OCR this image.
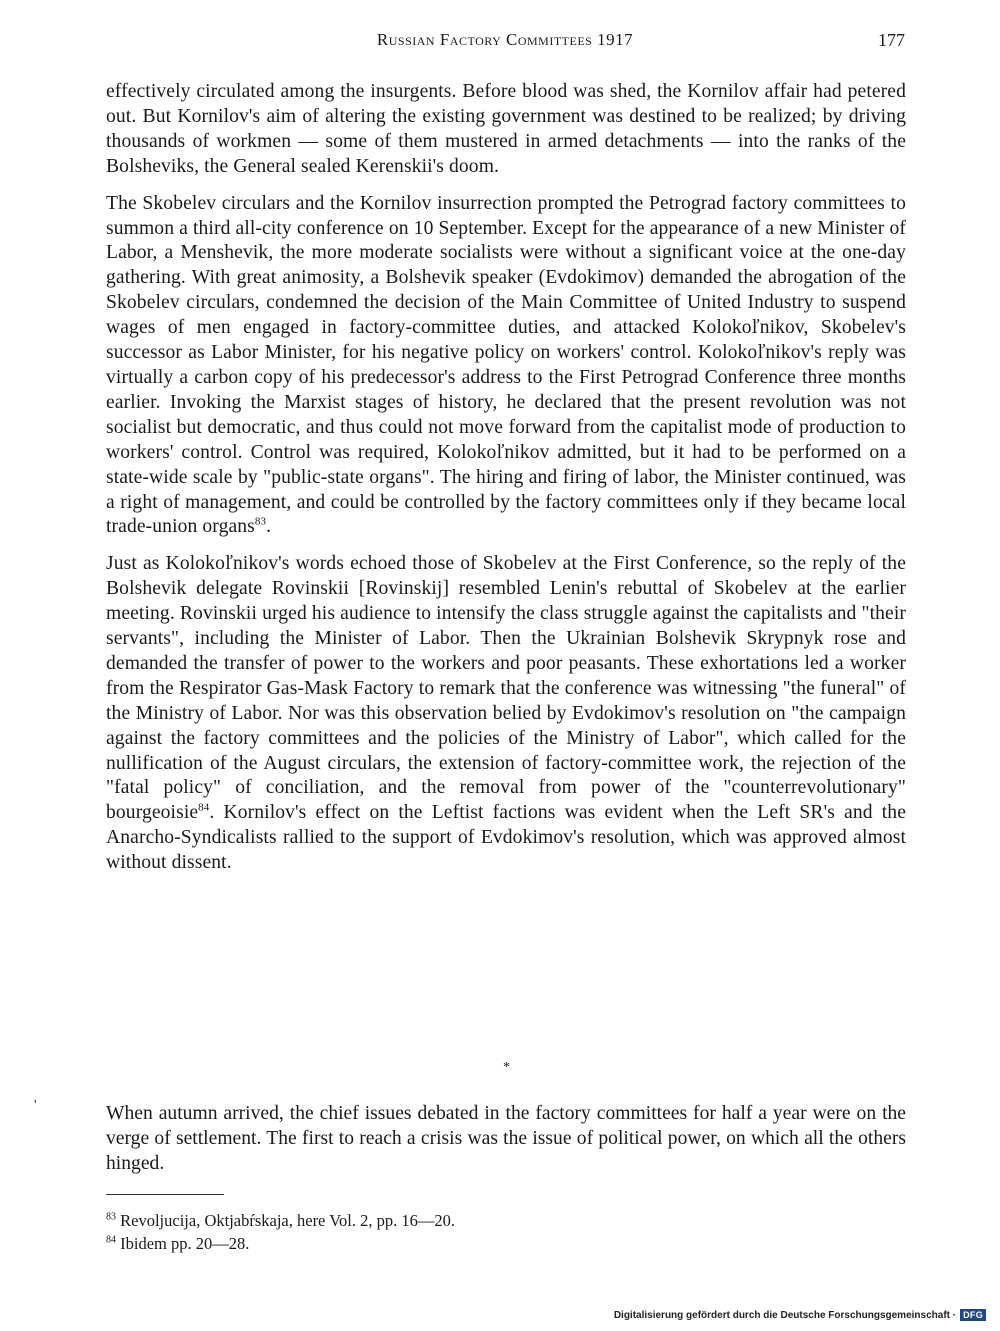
Russian Factory Committees 1917	177

effectively circulated among the insurgents. Before blood was shed, the Kornilov affair had petered out. But Kornilov's aim of altering the existing government was destined to be realized; by driving thousands of workmen — some of them mustered in armed detachments — into the ranks of the Bolsheviks, the General sealed Kerenskii's doom.

The Skobelev circulars and the Kornilov insurrection prompted the Petrograd factory committees to summon a third all-city conference on 10 September. Except for the appearance of a new Minister of Labor, a Menshevik, the more moderate socialists were without a significant voice at the one-day gathering. With great animosity, a Bolshevik speaker (Evdokimov) demanded the abrogation of the Skobelev circulars, condemned the decision of the Main Committee of United Industry to suspend wages of men engaged in factory-committee duties, and attacked Kolokoľnikov, Skobelev's successor as Labor Minister, for his negative policy on workers' control. Kolokoľnikov's reply was virtually a carbon copy of his predecessor's address to the First Petrograd Conference three months earlier. Invoking the Marxist stages of history, he declared that the present revolution was not socialist but democratic, and thus could not move forward from the capitalist mode of production to workers' control. Control was required, Kolokoľnikov admitted, but it had to be performed on a state-wide scale by "public-state organs". The hiring and firing of labor, the Minister continued, was a right of management, and could be controlled by the factory committees only if they became local trade-union organs$^{83}$.

Just as Kolokoľnikov's words echoed those of Skobelev at the First Conference, so the reply of the Bolshevik delegate Rovinskii [Rovinskij] resembled Lenin's rebuttal of Skobelev at the earlier meeting. Rovinskii urged his audience to intensify the class struggle against the capitalists and "their servants", including the Minister of Labor. Then the Ukrainian Bolshevik Skrypnyk rose and demanded the transfer of power to the workers and poor peasants. These exhortations led a worker from the Respirator Gas-Mask Factory to remark that the conference was witnessing "the funeral" of the Ministry of Labor. Nor was this observation belied by Evdokimov's resolution on "the campaign against the factory committees and the policies of the Ministry of Labor", which called for the nullification of the August circulars, the extension of factory-committee work, the rejection of the "fatal policy" of conciliation, and the removal from power of the "counterrevolutionary" bourgeoisie$^{84}$. Kornilov's effect on the Leftist factions was evident when the Left SR's and the Anarcho-Syndicalists rallied to the support of Evdokimov's resolution, which was approved almost without dissent.

*
'	When autumn arrived, the chief issues debated in the factory committees for half a year were on the verge of settlement. The first to reach a crisis was the issue of political power, on which all the others hinged.

$^{83}$ Revoljucija, Oktjabŕskaja, here Vol. 2, pp. 16—20.
$^{84}$ Ibidem pp. 20—28.
Digitalisierung gefördert durch die Deutsche Forschungsgemeinschaft · DFG
